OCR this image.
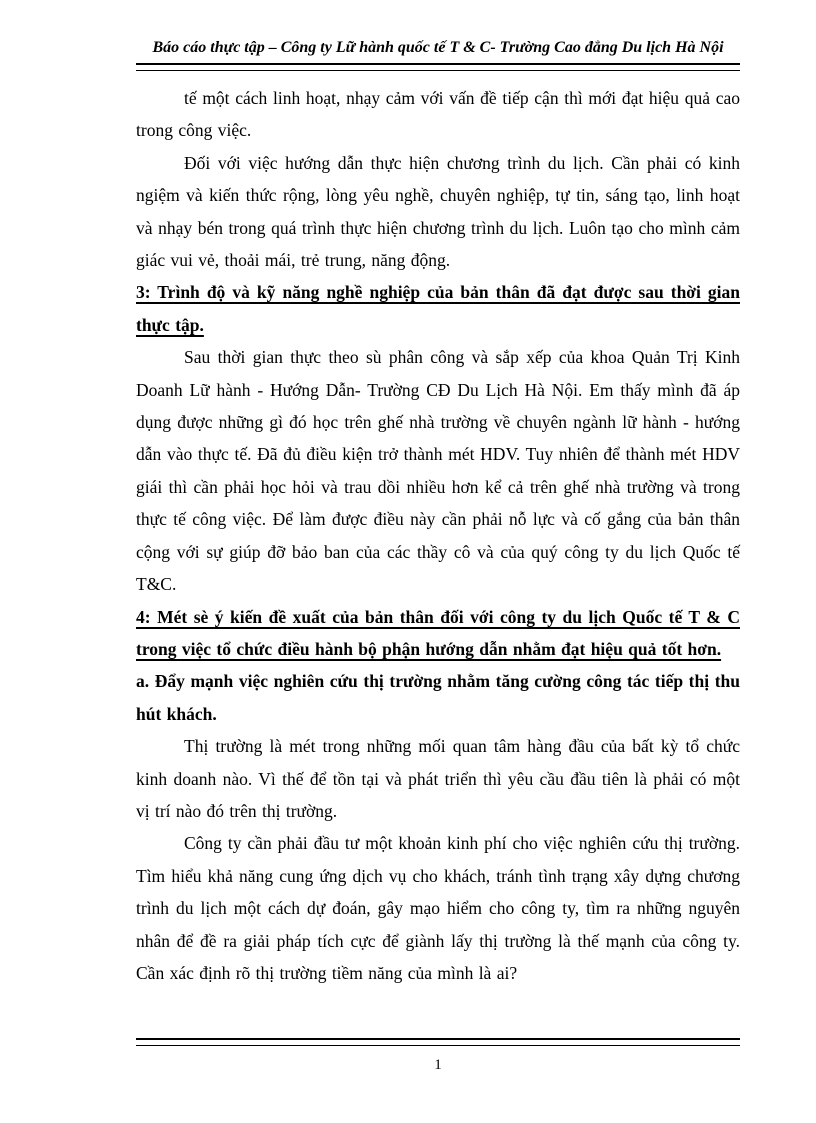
Báo cáo thực tập – Công ty Lữ hành quốc tế T & C- Trường Cao đẳng Du lịch Hà Nội

tế một cách linh hoạt, nhạy cảm với vấn đề tiếp cận thì mới đạt hiệu quả cao trong công việc.

Đối với việc hướng dẫn thực hiện chương trình du lịch. Cần phải có kinh ngiệm và kiến thức rộng, lòng yêu nghề, chuyên nghiệp, tự tin, sáng tạo, linh hoạt và nhạy bén trong quá trình thực hiện chương trình du lịch. Luôn tạo cho mình cảm giác vui vẻ, thoải mái, trẻ trung, năng động.

3: Trình độ và kỹ năng nghề nghiệp của bản thân đã đạt được sau thời gian thực tập.

Sau thời gian thực theo sù phân công và sắp xếp của khoa Quản Trị Kinh Doanh Lữ hành - Hướng Dẫn- Trường CĐ Du Lịch Hà Nội. Em thấy mình đã áp dụng được những gì đó học trên ghế nhà trường về chuyên ngành lữ hành - hướng dẫn vào thực tế. Đã đủ điều kiện trở thành mét HDV. Tuy nhiên để thành mét HDV giái thì cần phải học hỏi và trau dồi nhiều hơn kể cả trên ghế nhà trường và trong thực tế công việc. Để làm được điều này cần phải nỗ lực và cố gắng của bản thân cộng với sự giúp đỡ bảo ban của các thầy cô và của quý công ty du lịch Quốc tế T&C.

4: Mét sè ý kiến đề xuất của bản thân đối với công ty du lịch Quốc tế T & C trong việc tổ chức điều hành bộ phận hướng dẫn nhằm đạt hiệu quả tốt hơn.

a. Đẩy mạnh việc nghiên cứu thị trường nhằm tăng cường công tác tiếp thị thu hút khách.

Thị trường là mét trong những mối quan tâm hàng đầu của bất kỳ tổ chức kinh doanh nào. Vì thế để tồn tại và phát triển thì yêu cầu đầu tiên là phải có một vị trí nào đó trên thị trường.

Công ty cần phải đầu tư một khoản kinh phí cho việc nghiên cứu thị trường. Tìm hiểu khả năng cung ứng dịch vụ cho khách, tránh tình trạng xây dựng chương trình du lịch một cách dự đoán, gây mạo hiểm cho công ty, tìm ra những nguyên nhân để đề ra giải pháp tích cực để giành lấy thị trường là thế mạnh của công ty. Cần xác định rõ thị trường tiềm năng của mình là ai?

1
